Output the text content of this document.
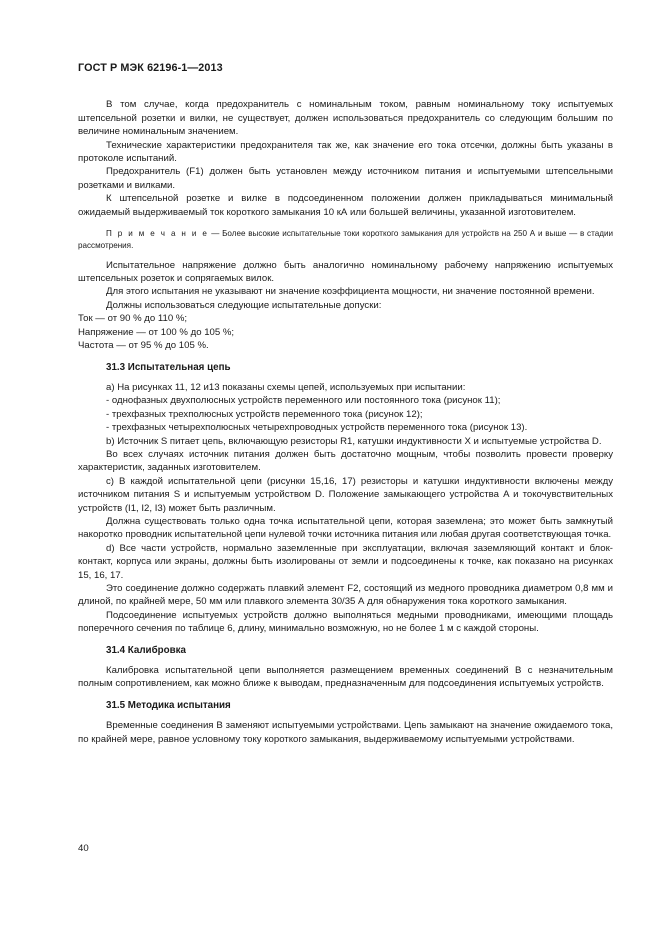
ГОСТ Р МЭК 62196-1—2013

В том случае, когда предохранитель с номинальным током, равным номинальному току испытуемых штепсельной розетки и вилки, не существует, должен использоваться предохранитель со следующим большим по величине номинальным значением.

Технические характеристики предохранителя так же, как значение его тока отсечки, должны быть указаны в протоколе испытаний.

Предохранитель (F1) должен быть установлен между источником питания и испытуемыми штепсельными розетками и вилками.

К штепсельной розетке и вилке в подсоединенном положении должен прикладываться минимальный ожидаемый выдерживаемый ток короткого замыкания 10 кА или большей величины, указанной изготовителем.

П р и м е ч а н и е — Более высокие испытательные токи короткого замыкания для устройств на 250 А и выше — в стадии рассмотрения.

Испытательное напряжение должно быть аналогично номинальному рабочему напряжению испытуемых штепсельных розеток и сопрягаемых вилок.

Для этого испытания не указывают ни значение коэффициента мощности, ни значение постоянной времени.

Должны использоваться следующие испытательные допуски:

Ток — от 90 % до 110 %;

Напряжение — от 100 % до 105 %;

Частота — от 95 % до 105 %.

31.3 Испытательная цепь

а) На рисунках 11, 12 и13 показаны схемы цепей, используемых при испытании:

- однофазных двухполюсных устройств переменного или постоянного тока (рисунок 11);

- трехфазных трехполюсных устройств переменного тока (рисунок 12);

- трехфазных четырехполюсных четырехпроводных устройств переменного тока (рисунок 13).

b) Источник S питает цепь, включающую резисторы R1, катушки индуктивности X и испытуемые устройства D.

Во всех случаях источник питания должен быть достаточно мощным, чтобы позволить провести проверку характеристик, заданных изготовителем.

c) В каждой испытательной цепи (рисунки 15,16, 17) резисторы и катушки индуктивности включены между источником питания S и испытуемым устройством D. Положение замыкающего устройства A и токочувствительных устройств (I1, I2, I3) может быть различным.

Должна существовать только одна точка испытательной цепи, которая заземлена; это может быть замкнутый накоротко проводник испытательной цепи нулевой точки источника питания или любая другая соответствующая точка.

d) Все части устройств, нормально заземленные при эксплуатации, включая заземляющий контакт и блок-контакт, корпуса или экраны, должны быть изолированы от земли и подсоединены к точке, как показано на рисунках 15, 16, 17.

Это соединение должно содержать плавкий элемент F2, состоящий из медного проводника диаметром 0,8 мм и длиной, по крайней мере, 50 мм или плавкого элемента 30/35 А для обнаружения тока короткого замыкания.

Подсоединение испытуемых устройств должно выполняться медными проводниками, имеющими площадь поперечного сечения по таблице 6, длину, минимально возможную, но не более 1 м с каждой стороны.

31.4 Калибровка

Калибровка испытательной цепи выполняется размещением временных соединений B с незначительным полным сопротивлением, как можно ближе к выводам, предназначенным для подсоединения испытуемых устройств.

31.5 Методика испытания

Временные соединения B заменяют испытуемыми устройствами. Цепь замыкают на значение ожидаемого тока, по крайней мере, равное условному току короткого замыкания, выдерживаемому испытуемыми устройствами.

40
